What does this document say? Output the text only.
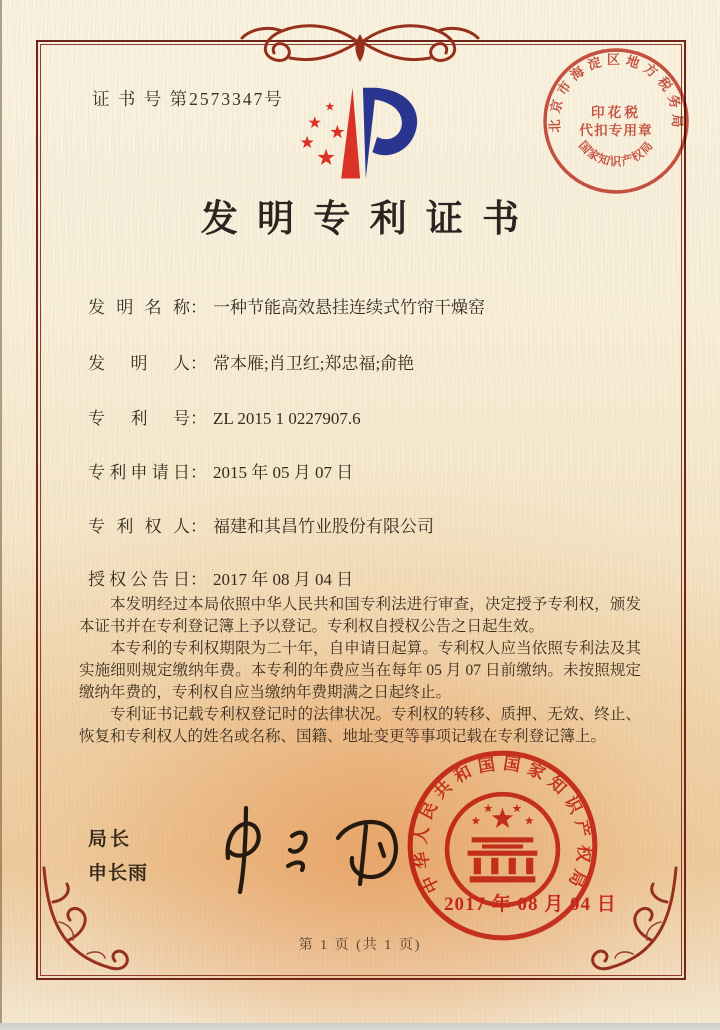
证 书 号 第2573347号
北京市海淀区地方税务局
印花税
代扣专用章
国家知识产权局
发明专利证书
发明名称： 一种节能高效悬挂连续式竹帘干燥窑
发明人： 常本雁;肖卫红;郑忠福;俞艳
专利号： ZL 2015 1 0227907.6
专利申请日： 2015 年 05 月 07 日
专利权人： 福建和其昌竹业股份有限公司
授权公告日： 2017 年 08 月 04 日

本发明经过本局依照中华人民共和国专利法进行审查，决定授予专利权，颁发本证书并在专利登记簿上予以登记。专利权自授权公告之日起生效。

本专利的专利权期限为二十年，自申请日起算。专利权人应当依照专利法及其实施细则规定缴纳年费。本专利的年费应当在每年 05 月 07 日前缴纳。未按照规定缴纳年费的，专利权自应当缴纳年费期满之日起终止。

专利证书记载专利权登记时的法律状况。专利权的转移、质押、无效、终止、恢复和专利权人的姓名或名称、国籍、地址变更等事项记载在专利登记簿上。

局长
申长雨	中华人民共和国国家知识产权局
2017 年 08 月 04 日
第 1 页 (共 1 页)
